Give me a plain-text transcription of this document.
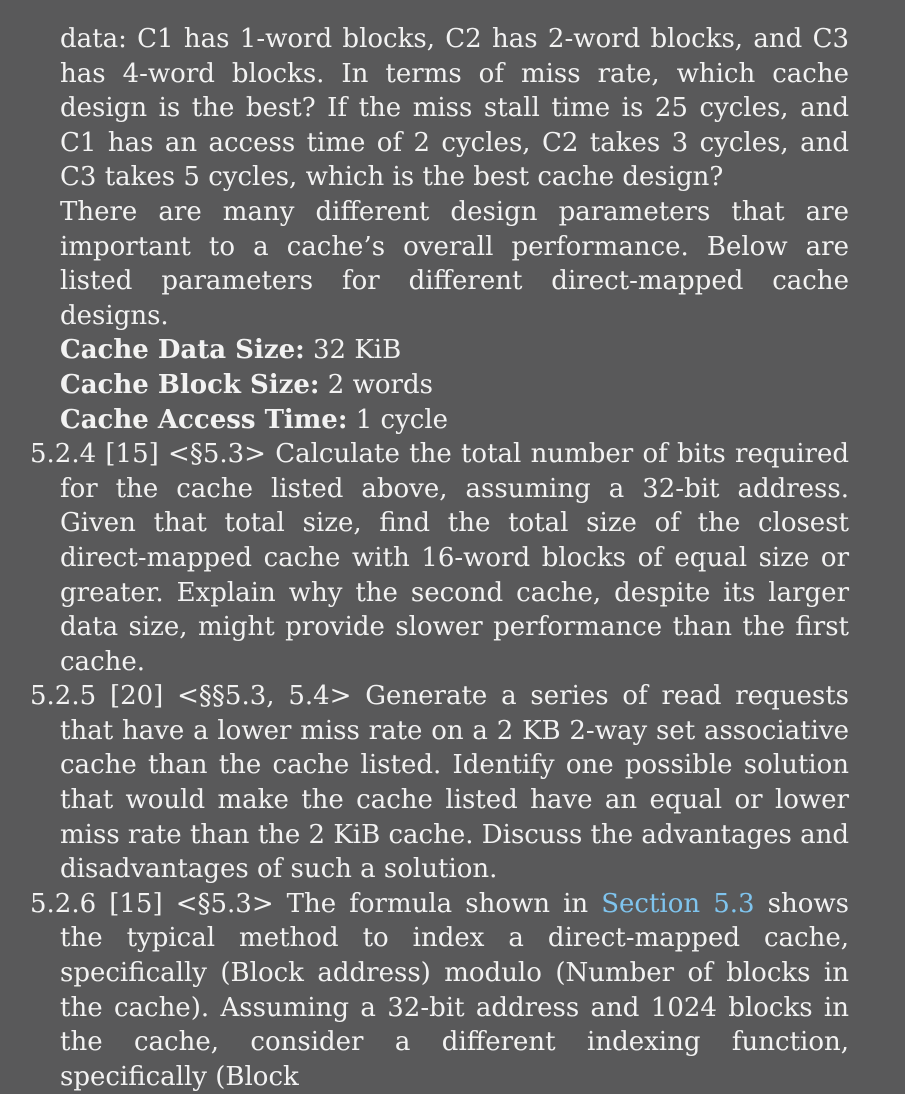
data: C1 has 1-word blocks, C2 has 2-word blocks, and C3 has 4-word blocks. In terms of miss rate, which cache design is the best? If the miss stall time is 25 cycles, and C1 has an access time of 2 cycles, C2 takes 3 cycles, and C3 takes 5 cycles, which is the best cache design?

There are many different design parameters that are important to a cache’s overall performance. Below are listed parameters for different direct-mapped cache designs.

Cache Data Size: 32 KiB

Cache Block Size: 2 words

Cache Access Time: 1 cycle

5.2.4 [15] <§5.3> Calculate the total number of bits required for the cache listed above, assuming a 32-bit address. Given that total size, find the total size of the closest direct-mapped cache with 16-word blocks of equal size or greater. Explain why the second cache, despite its larger data size, might provide slower performance than the first cache.

5.2.5 [20] <§§5.3, 5.4> Generate a series of read requests that have a lower miss rate on a 2 KB 2-way set associative cache than the cache listed. Identify one possible solution that would make the cache listed have an equal or lower miss rate than the 2 KiB cache. Discuss the advantages and disadvantages of such a solution.

5.2.6 [15] <§5.3> The formula shown in Section 5.3 shows the typical method to index a direct-mapped cache, specifically (Block address) modulo (Number of blocks in the cache). Assuming a 32-bit address and 1024 blocks in the cache, consider a different indexing function, specifically (Block
